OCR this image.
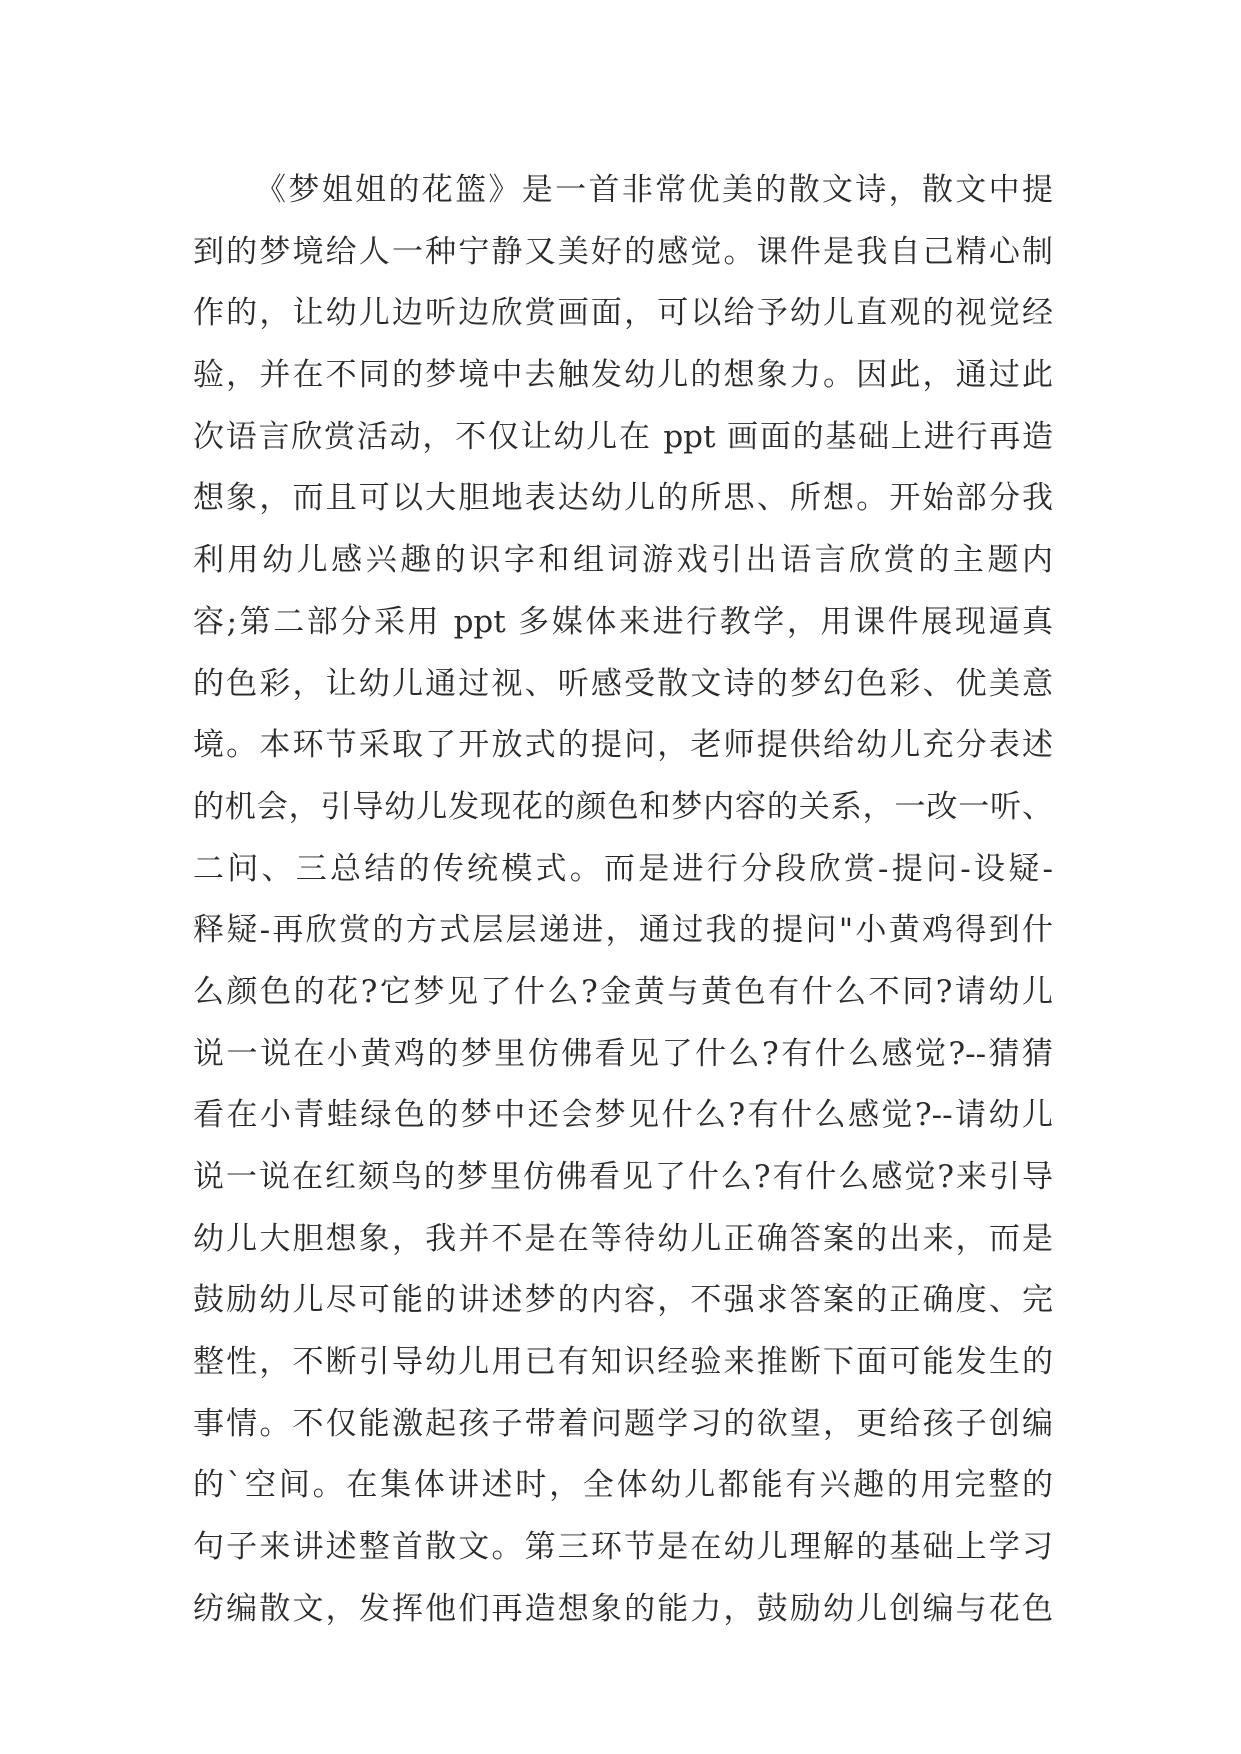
《梦姐姐的花篮》是一首非常优美的散文诗，散文中提
到的梦境给人一种宁静又美好的感觉。课件是我自己精心制
作的，让幼儿边听边欣赏画面，可以给予幼儿直观的视觉经
验，并在不同的梦境中去触发幼儿的想象力。因此，通过此
次语言欣赏活动，不仅让幼儿在 ppt 画面的基础上进行再造
想象，而且可以大胆地表达幼儿的所思、所想。开始部分我
利用幼儿感兴趣的识字和组词游戏引出语言欣赏的主题内
容;第二部分采用 ppt 多媒体来进行教学，用课件展现逼真
的色彩，让幼儿通过视、听感受散文诗的梦幻色彩、优美意
境。本环节采取了开放式的提问，老师提供给幼儿充分表述
的机会，引导幼儿发现花的颜色和梦内容的关系，一改一听、
二问、三总结的传统模式。而是进行分段欣赏-提问-设疑-
释疑-再欣赏的方式层层递进，通过我的提问"小黄鸡得到什
么颜色的花?它梦见了什么?金黄与黄色有什么不同?请幼儿
说一说在小黄鸡的梦里仿佛看见了什么?有什么感觉?--猜猜
看在小青蛙绿色的梦中还会梦见什么?有什么感觉?--请幼儿
说一说在红颏鸟的梦里仿佛看见了什么?有什么感觉?来引导
幼儿大胆想象，我并不是在等待幼儿正确答案的出来，而是
鼓励幼儿尽可能的讲述梦的内容，不强求答案的正确度、完
整性，不断引导幼儿用已有知识经验来推断下面可能发生的
事情。不仅能激起孩子带着问题学习的欲望，更给孩子创编
的`空间。在集体讲述时，全体幼儿都能有兴趣的用完整的
句子来讲述整首散文。第三环节是在幼儿理解的基础上学习
纺编散文，发挥他们再造想象的能力，鼓励幼儿创编与花色
